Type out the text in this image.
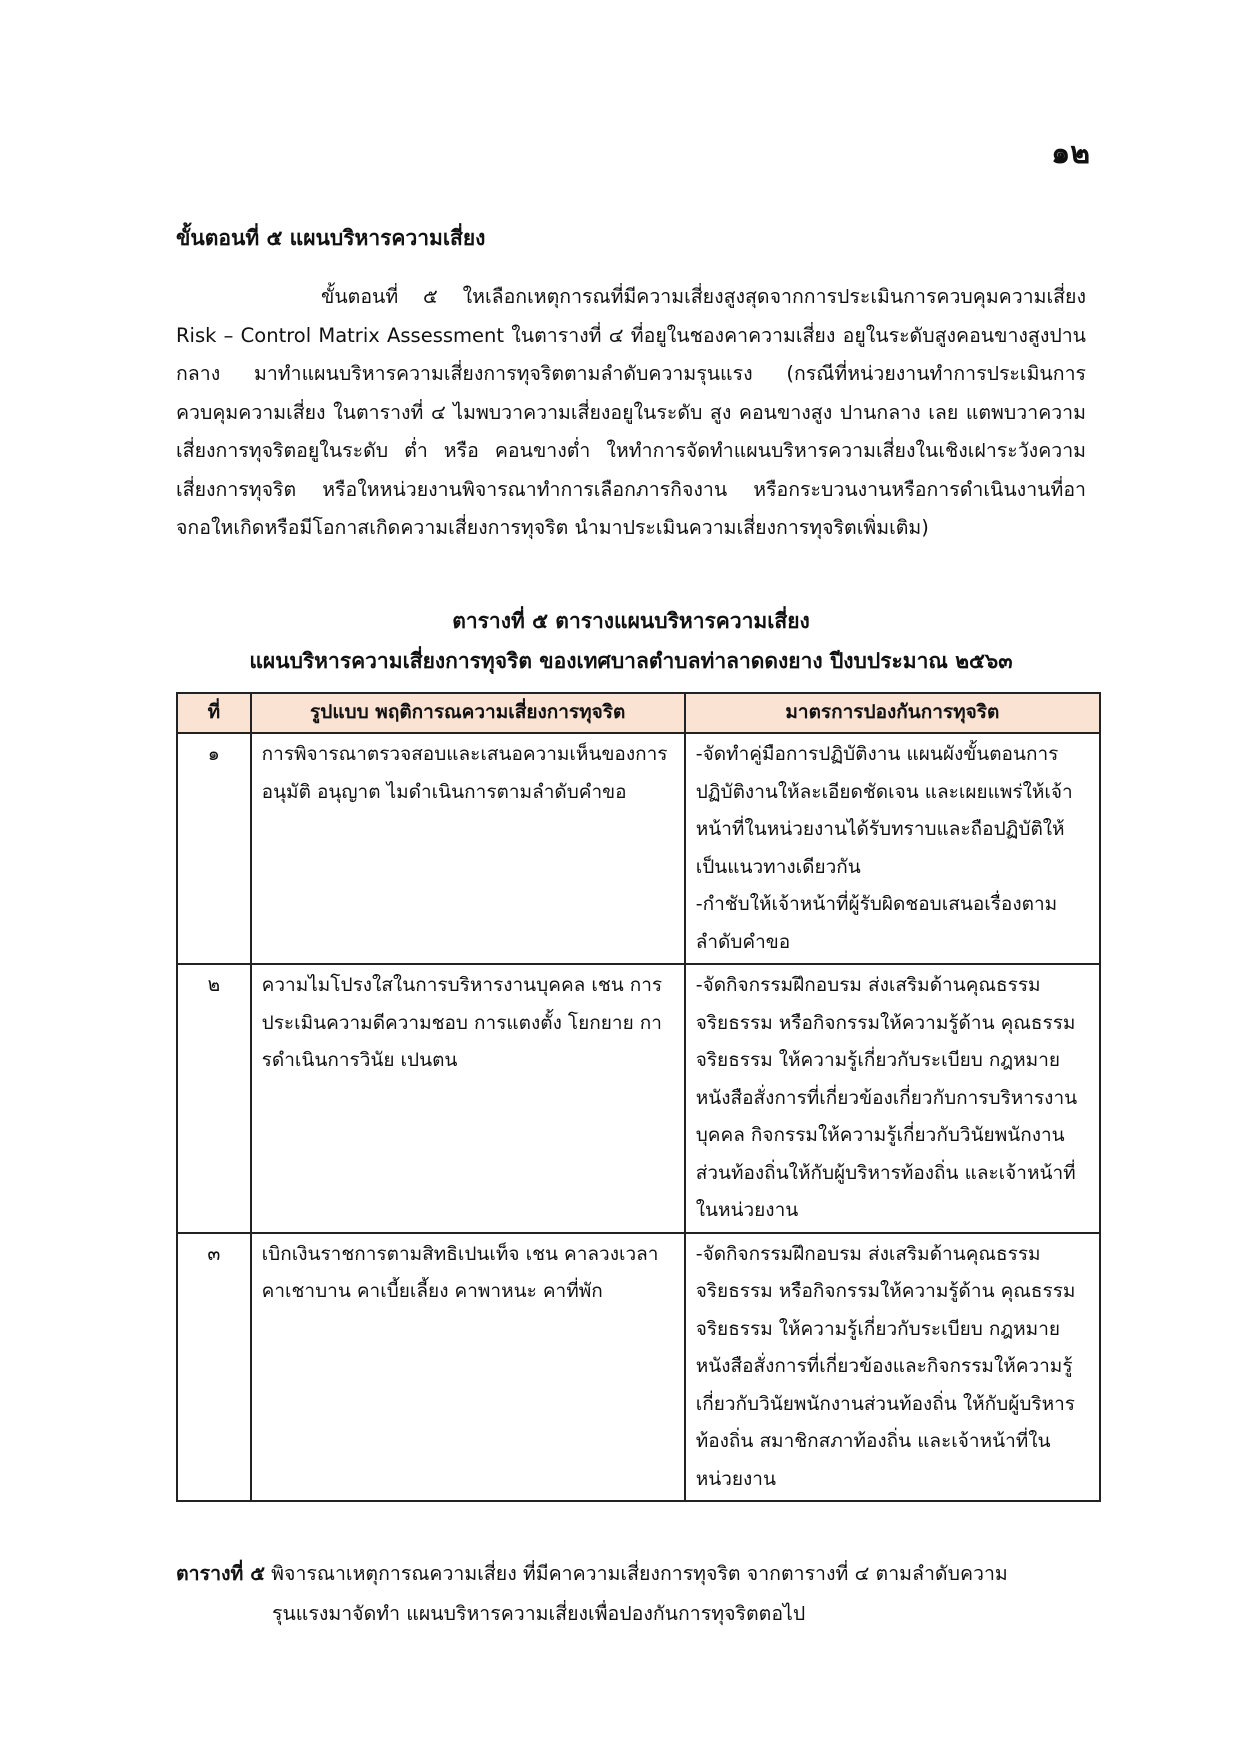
๑๒
ขั้นตอนที่ ๕ แผนบริหารความเสี่ยง

ขั้นตอนที่ ๕ ใหเลือกเหตุการณที่มีความเสี่ยงสูงสุดจากการประเมินการควบคุมความเสี่ยง Risk – Control Matrix Assessment ในตารางที่ ๔ ที่อยูในชองคาความเสี่ยง อยูในระดับสูงคอนขางสูงปานกลาง มาทําแผนบริหารความเสี่ยงการทุจริตตามลําดับความรุนแรง (กรณีที่หน่วยงานทําการประเมินการควบคุมความเสี่ยง ในตารางที่ ๔ ไมพบวาความเสี่ยงอยูในระดับ สูง คอนขางสูง ปานกลาง เลย แตพบวาความเสี่ยงการทุจริตอยูในระดับ ต่ำ หรือ คอนขางต่ำ ใหทําการจัดทําแผนบริหารความเสี่ยงในเชิงเฝาระวังความเสี่ยงการทุจริต หรือใหหน่วยงานพิจารณาทําการเลือกภารกิจงาน หรือกระบวนงานหรือการดําเนินงานที่อาจกอใหเกิดหรือมีโอกาสเกิดความเสี่ยงการทุจริต นํามาประเมินความเสี่ยงการทุจริตเพิ่มเติม)

ตารางที่ ๕ ตารางแผนบริหารความเสี่ยง
แผนบริหารความเสี่ยงการทุจริต ของเทศบาลตำบลท่าลาดดงยาง ปีงบประมาณ ๒๕๖๓
ที่	รูปแบบ พฤติการณความเสี่ยงการทุจริต	มาตรการปองกันการทุจริต
๑	การพิจารณาตรวจสอบและเสนอความเห็นของการอนุมัติ อนุญาต ไมดําเนินการตามลําดับคําขอ	-จัดทําคู่มือการปฏิบัติงาน แผนผังขั้นตอนการปฏิบัติงานให้ละเอียดชัดเจน และเผยแพร่ให้เจ้าหน้าที่ในหน่วยงานได้รับทราบและถือปฏิบัติให้เป็นแนวทางเดียวกัน
-กำชับให้เจ้าหน้าที่ผู้รับผิดชอบเสนอเรื่องตามลำดับคำขอ

๒	ความไมโปรงใสในการบริหารงานบุคคล เชน การประเมินความดีความชอบ การแตงตั้ง โยกยาย การดําเนินการวินัย เปนตน	-จัดกิจกรรมฝึกอบรม ส่งเสริมด้านคุณธรรม จริยธรรม หรือกิจกรรมให้ความรู้ด้าน คุณธรรม จริยธรรม ให้ความรู้เกี่ยวกับระเบียบ กฎหมาย หนังสือสั่งการที่เกี่ยวข้องเกี่ยวกับการบริหารงานบุคคล กิจกรรมให้ความรู้เกี่ยวกับวินัยพนักงานส่วนท้องถิ่นให้กับผู้บริหารท้องถิ่น และเจ้าหน้าที่ในหน่วยงาน

๓	เบิกเงินราชการตามสิทธิเปนเท็จ เชน คาลวงเวลา คาเชาบาน คาเบี้ยเลี้ยง คาพาหนะ คาที่พัก	-จัดกิจกรรมฝึกอบรม ส่งเสริมด้านคุณธรรม จริยธรรม หรือกิจกรรมให้ความรู้ด้าน คุณธรรมจริยธรรม ให้ความรู้เกี่ยวกับระเบียบ กฎหมาย หนังสือสั่งการที่เกี่ยวข้องและกิจกรรมให้ความรู้เกี่ยวกับวินัยพนักงานส่วนท้องถิ่น ให้กับผู้บริหารท้องถิ่น สมาชิกสภาท้องถิ่น และเจ้าหน้าที่ในหน่วยงาน
ตารางที่ ๕ พิจารณาเหตุการณความเสี่ยง ที่มีคาความเสี่ยงการทุจริต จากตารางที่ ๔ ตามลําดับความ
รุนแรงมาจัดทํา แผนบริหารความเสี่ยงเพื่อปองกันการทุจริตตอไป
